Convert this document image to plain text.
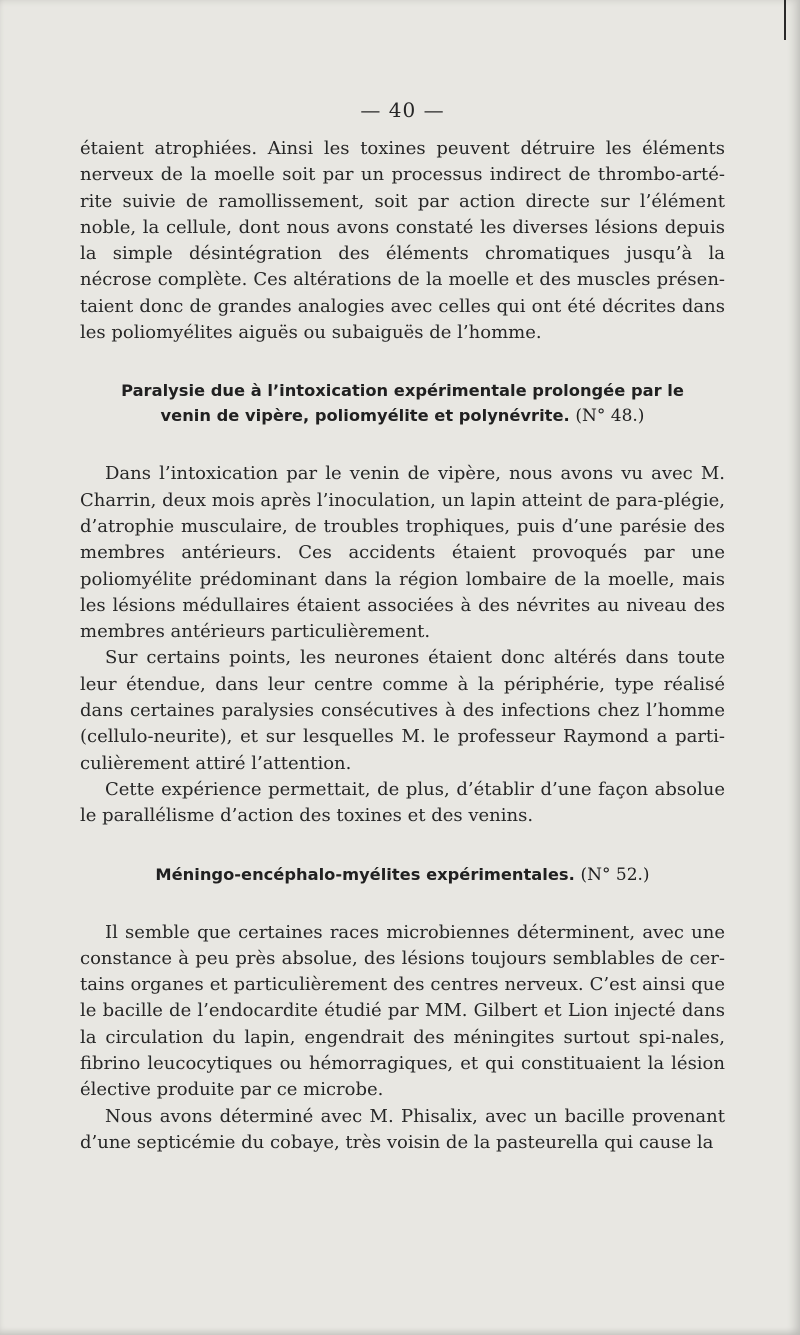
— 40 —

étaient atrophiées. Ainsi les toxines peuvent détruire les éléments nerveux de la moelle soit par un processus indirect de thrombo-arté-rite suivie de ramollissement, soit par action directe sur l’élément noble, la cellule, dont nous avons constaté les diverses lésions depuis la simple désintégration des éléments chromatiques jusqu’à la nécrose complète. Ces altérations de la moelle et des muscles présen-taient donc de grandes analogies avec celles qui ont été décrites dans les poliomyélites aiguës ou subaiguës de l’homme.

Paralysie due à l’intoxication expérimentale prolongée par le
venin de vipère, poliomyélite et polynévrite. (N° 48.)

Dans l’intoxication par le venin de vipère, nous avons vu avec M. Charrin, deux mois après l’inoculation, un lapin atteint de para-plégie, d’atrophie musculaire, de troubles trophiques, puis d’une parésie des membres antérieurs. Ces accidents étaient provoqués par une poliomyélite prédominant dans la région lombaire de la moelle, mais les lésions médullaires étaient associées à des névrites au niveau des membres antérieurs particulièrement.

Sur certains points, les neurones étaient donc altérés dans toute leur étendue, dans leur centre comme à la périphérie, type réalisé dans certaines paralysies consécutives à des infections chez l’homme (cellulo-neurite), et sur lesquelles M. le professeur Raymond a parti-culièrement attiré l’attention.

Cette expérience permettait, de plus, d’établir d’une façon absolue le parallélisme d’action des toxines et des venins.

Méningo-encéphalo-myélites expérimentales. (N° 52.)

Il semble que certaines races microbiennes déterminent, avec une constance à peu près absolue, des lésions toujours semblables de cer-tains organes et particulièrement des centres nerveux. C’est ainsi que le bacille de l’endocardite étudié par MM. Gilbert et Lion injecté dans la circulation du lapin, engendrait des méningites surtout spi-nales, fibrino leucocytiques ou hémorragiques, et qui constituaient la lésion élective produite par ce microbe.

Nous avons déterminé avec M. Phisalix, avec un bacille provenant d’une septicémie du cobaye, très voisin de la pasteurella qui cause la
